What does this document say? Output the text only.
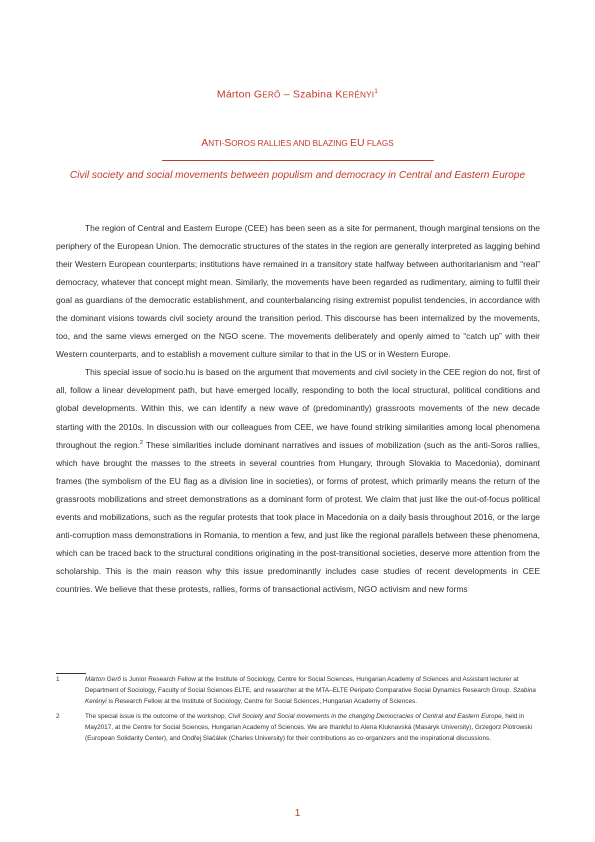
Márton GERŐ – Szabina KERÉNYI$^1$
ANTI-SOROS RALLIES AND BLAZING EU FLAGS
Civil society and social movements between populism and democracy in Central and Eastern Europe

The region of Central and Eastern Europe (CEE) has been seen as a site for permanent, though marginal tensions on the periphery of the European Union. The democratic structures of the states in the region are generally interpreted as lagging behind their Western European counterparts; institutions have remained in a transitory state halfway between authoritarianism and “real” democracy, whatever that concept might mean. Similarly, the movements have been regarded as rudimentary, aiming to fulfil their goal as guardians of the democratic establishment, and counterbalancing rising extremist populist tendencies, in accordance with the dominant visions towards civil society around the transition period. This discourse has been internalized by the movements, too, and the same views emerged on the NGO scene. The movements deliberately and openly aimed to “catch up” with their Western counterparts, and to establish a movement culture similar to that in the US or in Western Europe.

This special issue of socio.hu is based on the argument that movements and civil society in the CEE region do not, first of all, follow a linear development path, but have emerged locally, responding to both the local structural, political conditions and global developments. Within this, we can identify a new wave of (predominantly) grassroots movements of the new decade starting with the 2010s. In discussion with our colleagues from CEE, we have found striking similarities among local phenomena throughout the region.$^2$ These similarities include dominant narratives and issues of mobilization (such as the anti-Soros rallies, which have brought the masses to the streets in several countries from Hungary, through Slovakia to Macedonia), dominant frames (the symbolism of the EU flag as a division line in societies), or forms of protest, which primarily means the return of the grassroots mobilizations and street demonstrations as a dominant form of protest. We claim that just like the out-of-focus political events and mobilizations, such as the regular protests that took place in Macedonia on a daily basis throughout 2016, or the large anti-corruption mass demonstrations in Romania, to mention a few, and just like the regional parallels between these phenomena, which can be traced back to the structural conditions originating in the post-transitional societies, deserve more attention from the scholarship. This is the main reason why this issue predominantly includes case studies of recent developments in CEE countries. We believe that these protests, rallies, forms of transactional activism, NGO activism and new forms

1	Márton Gerő is Junior Research Fellow at the Institute of Sociology, Centre for Social Sciences, Hungarian Academy of Sciences and Assistant lecturer at Department of Sociology, Faculty of Social Sciences ELTE, and researcher at the MTA–ELTE Peripato Comparative Social Dynamics Research Group. Szabina Kerényi is Research Fellow at the Institute of Sociology, Centre for Social Sciences, Hungarian Academy of Sciences.
2	The special issue is the outcome of the workshop, Civil Society and Social movements in the changing Democracies of Central and Eastern Europe, held in May2017, at the Centre for Social Sciences, Hungarian Academy of Sciences. We are thankful to Alena Kluknavská (Masaryk University), Grzegorz Piotrowski (European Solidarity Center), and Ondřej Slačálek (Charles University) for their contributions as co-organizers and the inspirational discussions.
1
